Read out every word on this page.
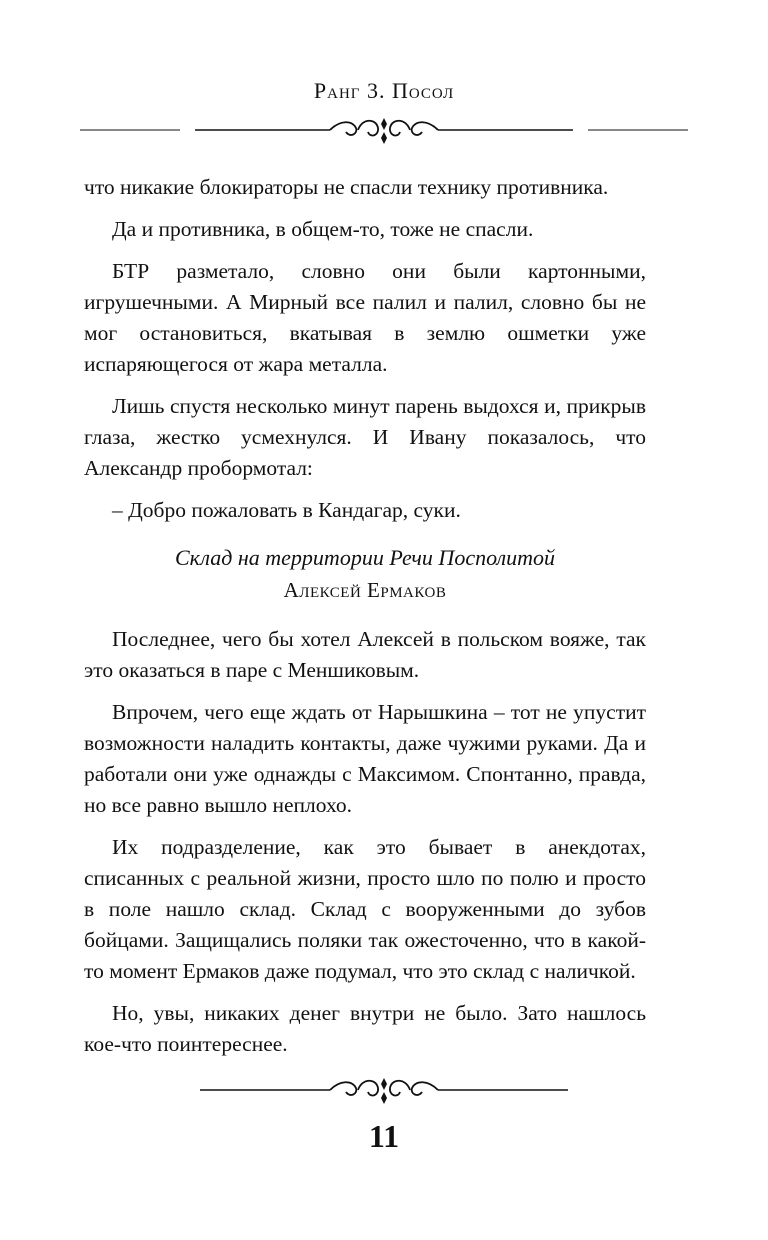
Ранг 3. Посол

что никакие блокираторы не спасли технику противника.

Да и противника, в общем-то, тоже не спасли.

БТР разметало, словно они были картонными, игрушечными. А Мирный все палил и палил, словно бы не мог остановиться, вкатывая в землю ошметки уже испаряющегося от жара металла.

Лишь спустя несколько минут парень выдохся и, прикрыв глаза, жестко усмехнулся. И Ивану показалось, что Александр пробормотал:

– Добро пожаловать в Кандагар, суки.

Склад на территории Речи Посполитой
Алексей Ермаков

Последнее, чего бы хотел Алексей в польском вояже, так это оказаться в паре с Меншиковым.

Впрочем, чего еще ждать от Нарышкина – тот не упустит возможности наладить контакты, даже чужими руками. Да и работали они уже однажды с Максимом. Спонтанно, правда, но все равно вышло неплохо.

Их подразделение, как это бывает в анекдотах, списанных с реальной жизни, просто шло по полю и просто в поле нашло склад. Склад с вооруженными до зубов бойцами. Защищались поляки так ожесточенно, что в какой-то момент Ермаков даже подумал, что это склад с наличкой.

Но, увы, никаких денег внутри не было. Зато нашлось кое-что поинтереснее.

11
